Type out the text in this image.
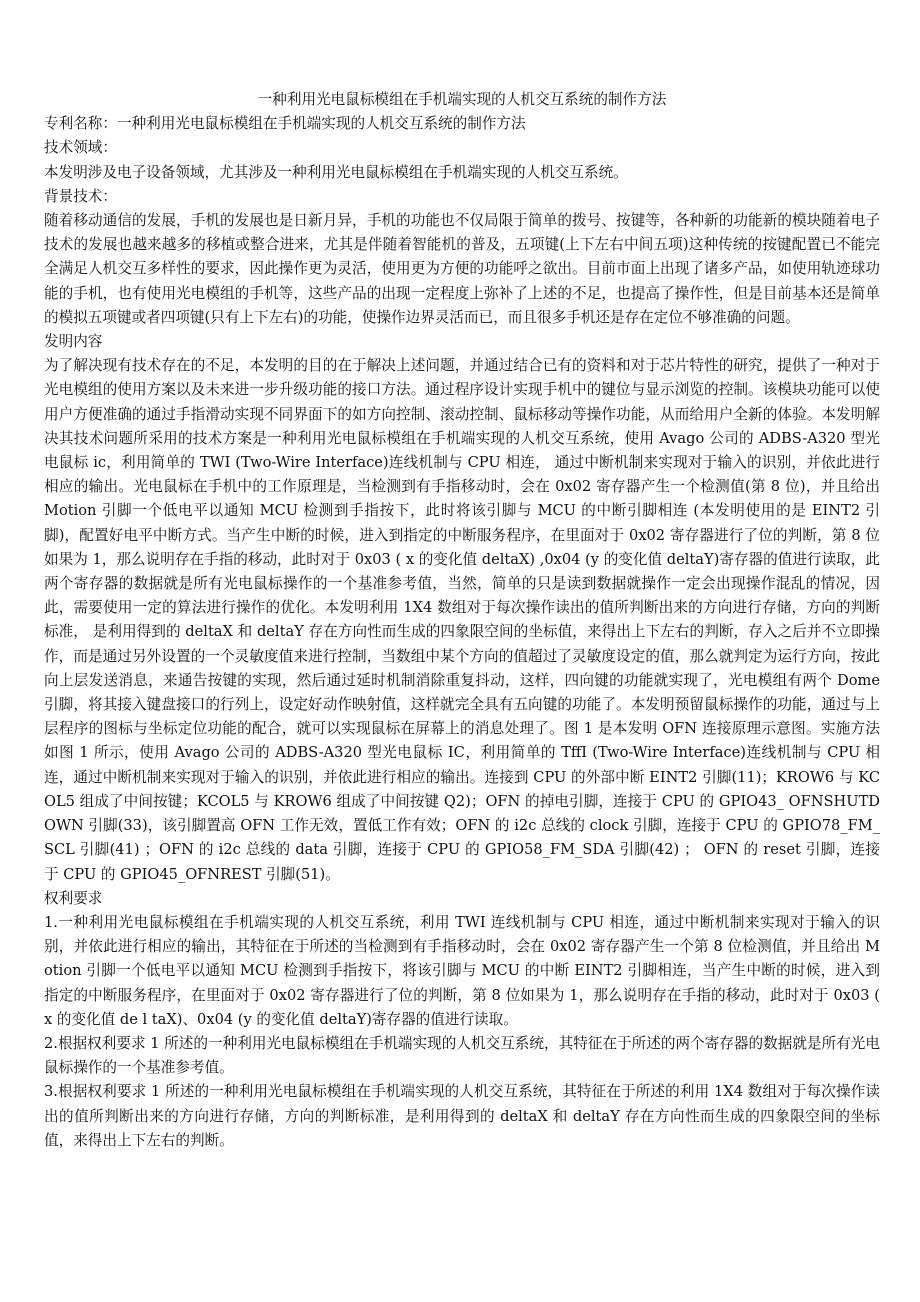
一种利用光电鼠标模组在手机端实现的人机交互系统的制作方法

专利名称：一种利用光电鼠标模组在手机端实现的人机交互系统的制作方法

技术领域：

本发明涉及电子设备领域，尤其涉及一种利用光电鼠标模组在手机端实现的人机交互系统。

背景技术：

随着移动通信的发展，手机的发展也是日新月异，手机的功能也不仅局限于简单的拨号、按键等，各种新的功能新的模块随着电子技术的发展也越来越多的移植或整合进来，尤其是伴随着智能机的普及，五项键(上下左右中间五项)这种传统的按键配置已不能完全满足人机交互多样性的要求，因此操作更为灵活，使用更为方便的功能呼之欲出。目前市面上出现了诸多产品，如使用轨迹球功能的手机，也有使用光电模组的手机等，这些产品的出现一定程度上弥补了上述的不足，也提高了操作性，但是目前基本还是简单的模拟五项键或者四项键(只有上下左右)的功能，使操作边界灵活而已，而且很多手机还是存在定位不够准确的问题。

发明内容

为了解决现有技术存在的不足，本发明的目的在于解决上述问题，并通过结合已有的资料和对于芯片特性的研究，提供了一种对于光电模组的使用方案以及未来进一步升级功能的接口方法。通过程序设计实现手机中的键位与显示浏览的控制。该模块功能可以使用户方便准确的通过手指滑动实现不同界面下的如方向控制、滚动控制、鼠标移动等操作功能，从而给用户全新的体验。本发明解决其技术问题所采用的技术方案是一种利用光电鼠标模组在手机端实现的人机交互系统，使用 Avago 公司的 ADBS-A320 型光电鼠标 ic，利用简单的 TWI (Two-Wire Interface)连线机制与 CPU 相连， 通过中断机制来实现对于输入的识别，并依此进行相应的输出。光电鼠标在手机中的工作原理是，当检测到有手指移动时，会在 0x02 寄存器产生一个检测值(第 8 位)，并且给出 Motion 引脚一个低电平以通知 MCU 检测到手指按下，此时将该引脚与 MCU 的中断引脚相连 (本发明使用的是 EINT2 引脚)，配置好电平中断方式。当产生中断的时候，进入到指定的中断服务程序，在里面对于 0x02 寄存器进行了位的判断，第 8 位如果为 1，那么说明存在手指的移动，此时对于 0x03 ( x 的变化值 deltaX) ,0x04 (y 的变化值 deltaY)寄存器的值进行读取，此两个寄存器的数据就是所有光电鼠标操作的一个基准参考值，当然，简单的只是读到数据就操作一定会出现操作混乱的情况，因此，需要使用一定的算法进行操作的优化。本发明利用 1X4 数组对于每次操作读出的值所判断出来的方向进行存储，方向的判断标准， 是利用得到的 deltaX 和 deltaY 存在方向性而生成的四象限空间的坐标值，来得出上下左右的判断，存入之后并不立即操作，而是通过另外设置的一个灵敏度值来进行控制，当数组中某个方向的值超过了灵敏度设定的值，那么就判定为运行方向，按此向上层发送消息，来通告按键的实现，然后通过延时机制消除重复抖动，这样，四向键的功能就实现了，光电模组有两个 Dome 引脚，将其接入键盘接口的行列上，设定好动作映射值，这样就完全具有五向键的功能了。本发明预留鼠标操作的功能，通过与上层程序的图标与坐标定位功能的配合，就可以实现鼠标在屏幕上的消息处理了。图 1 是本发明 OFN 连接原理示意图。实施方法如图 1 所示，使用 Avago 公司的 ADBS-A320 型光电鼠标 IC，利用简单的 TffI (Two-Wire Interface)连线机制与 CPU 相连，通过中断机制来实现对于输入的识别，并依此进行相应的输出。连接到 CPU 的外部中断 EINT2 引脚(11)；KROW6 与 KCOL5 组成了中间按键；KCOL5 与 KROW6 组成了中间按键 Q2)；OFN 的掉电引脚，连接于 CPU 的 GPIO43_ OFNSHUTDOWN 引脚(33)，该引脚置高 OFN 工作无效，置低工作有效；OFN 的 i2c 总线的 clock 引脚，连接于 CPU 的 GPIO78_FM_SCL 引脚(41) ；OFN 的 i2c 总线的 data 引脚，连接于 CPU 的 GPIO58_FM_SDA 引脚(42) ； OFN 的 reset 引脚，连接于 CPU 的 GPIO45_OFNREST 引脚(51)。

权利要求

1.一种利用光电鼠标模组在手机端实现的人机交互系统，利用 TWI 连线机制与 CPU 相连，通过中断机制来实现对于输入的识别，并依此进行相应的输出，其特征在于所述的当检测到有手指移动时，会在 0x02 寄存器产生一个第 8 位检测值，并且给出 Motion 引脚一个低电平以通知 MCU 检测到手指按下，将该引脚与 MCU 的中断 EINT2 引脚相连，当产生中断的时候，进入到指定的中断服务程序，在里面对于 0x02 寄存器进行了位的判断，第 8 位如果为 1，那么说明存在手指的移动，此时对于 0x03 ( x 的变化值 de l taX)、0x04 (y 的变化值 deltaY)寄存器的值进行读取。

2.根据权利要求 1 所述的一种利用光电鼠标模组在手机端实现的人机交互系统，其特征在于所述的两个寄存器的数据就是所有光电鼠标操作的一个基准参考值。

3.根据权利要求 1 所述的一种利用光电鼠标模组在手机端实现的人机交互系统，其特征在于所述的利用 1X4 数组对于每次操作读出的值所判断出来的方向进行存储，方向的判断标准，是利用得到的 deltaX 和 deltaY 存在方向性而生成的四象限空间的坐标值，来得出上下左右的判断。
